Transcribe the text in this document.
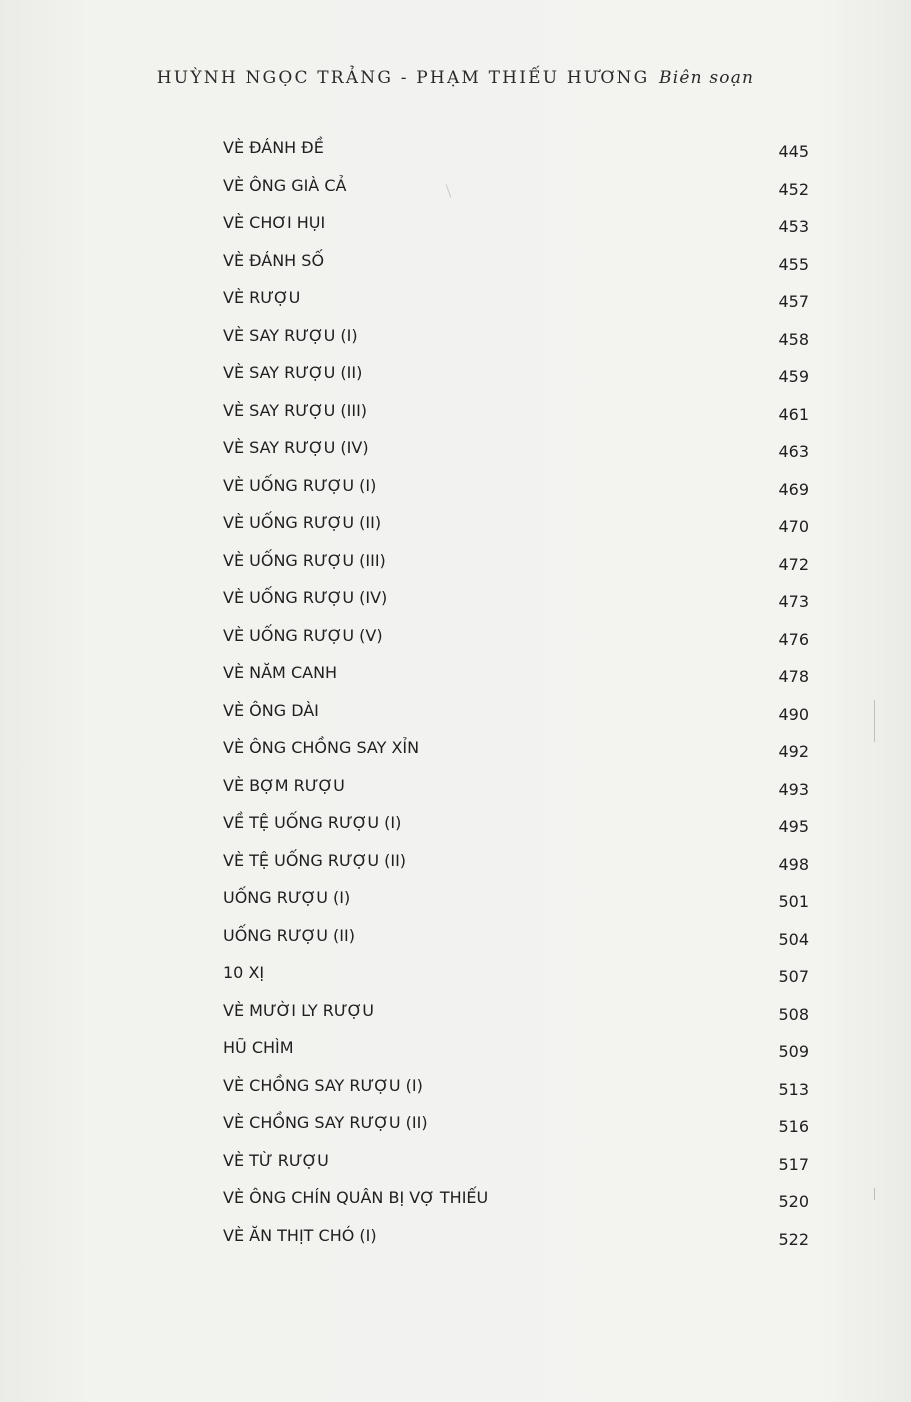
HUỲNH NGỌC TRẢNG - PHẠM THIẾU HƯƠNG Biên soạn
VÈ ĐÁNH ĐỀ	445
VÈ ÔNG GIÀ CẢ	452
VÈ CHƠI HỤI	453
VÈ ĐÁNH SỐ	455
VÈ RƯỢU	457
VÈ SAY RƯỢU (I)	458
VÈ SAY RƯỢU (II)	459
VÈ SAY RƯỢU (III)	461
VÈ SAY RƯỢU (IV)	463
VÈ UỐNG RƯỢU (I)	469
VÈ UỐNG RƯỢU (II)	470
VÈ UỐNG RƯỢU (III)	472
VÈ UỐNG RƯỢU (IV)	473
VÈ UỐNG RƯỢU (V)	476
VÈ NĂM CANH	478
VÈ ÔNG DÀI	490
VÈ ÔNG CHỒNG SAY XỈN	492
VÈ BỢM RƯỢU	493
VỀ TỆ UỐNG RƯỢU (I)	495
VÈ TỆ UỐNG RƯỢU (II)	498
UỐNG RƯỢU (I)	501
UỐNG RƯỢU (II)	504
10 XỊ	507
VÈ MƯỜI LY RƯỢU	508
HŨ CHÌM	509
VÈ CHỒNG SAY RƯỢU (I)	513
VÈ CHỒNG SAY RƯỢU (II)	516
VÈ TỪ RƯỢU	517
VÈ ÔNG CHÍN QUÂN BỊ VỢ THIẾU	520
VÈ ĂN THỊT CHÓ (I)	522
